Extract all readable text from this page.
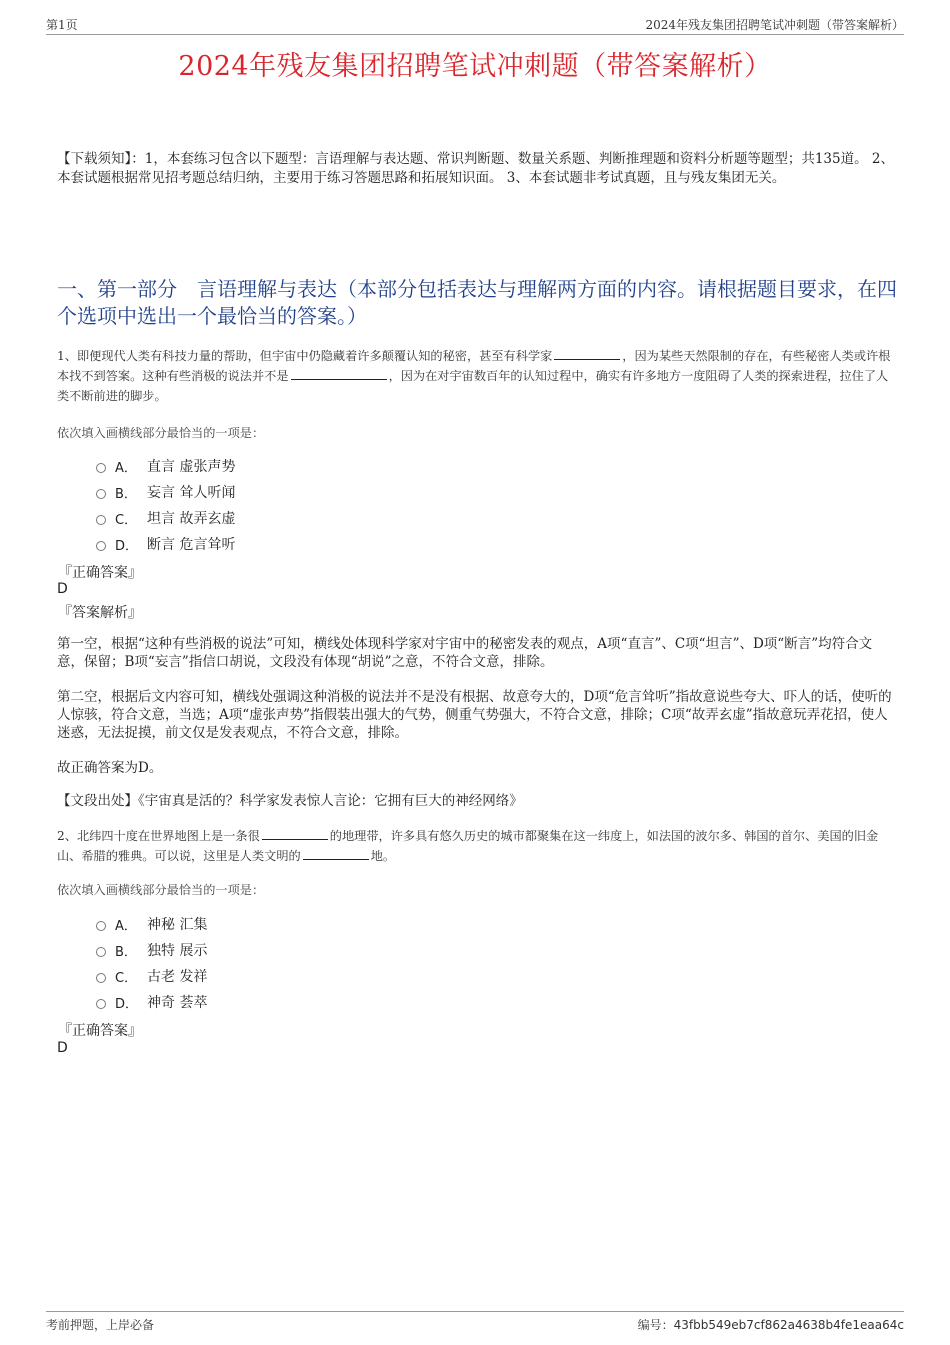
第1页	2024年残友集团招聘笔试冲刺题（带答案解析）
2024年残友集团招聘笔试冲刺题（带答案解析）
【下载须知】：1，本套练习包含以下题型：言语理解与表达题、常识判断题、数量关系题、判断推理题和资料分析题等题型；共135道。 2、本套试题根据常见招考题总结归纳，主要用于练习答题思路和拓展知识面。 3、本套试题非考试真题，且与残友集团无关。
一、第一部分　言语理解与表达（本部分包括表达与理解两方面的内容。请根据题目要求，在四个选项中选出一个最恰当的答案。）
1、即便现代人类有科技力量的帮助，但宇宙中仍隐藏着许多颠覆认知的秘密，甚至有科学家	，因为某些天然限制的存在，有些秘密人类或许根本找不到答案。这种有些消极的说法并不是	，因为在对宇宙数百年的认知过程中，确实有许多地方一度阻碍了人类的探索进程，拉住了人类不断前进的脚步。
依次填入画横线部分最恰当的一项是：
A． 直言 虚张声势
B． 妄言 耸人听闻
C． 坦言 故弄玄虚
D． 断言 危言耸听
『正确答案』
D
『答案解析』
第一空，根据“这种有些消极的说法”可知，横线处体现科学家对宇宙中的秘密发表的观点，A项“直言”、C项“坦言”、D项“断言”均符合文意，保留；B项“妄言”指信口胡说，文段没有体现“胡说”之意，不符合文意，排除。
第二空，根据后文内容可知，横线处强调这种消极的说法并不是没有根据、故意夸大的，D项“危言耸听”指故意说些夸大、吓人的话，使听的人惊骇，符合文意，当选；A项“虚张声势”指假装出强大的气势，侧重气势强大，不符合文意，排除；C项“故弄玄虚”指故意玩弄花招，使人迷惑，无法捉摸，前文仅是发表观点，不符合文意，排除。
故正确答案为D。
【文段出处】《宇宙真是活的？科学家发表惊人言论：它拥有巨大的神经网络》
2、北纬四十度在世界地图上是一条很	的地理带，许多具有悠久历史的城市都聚集在这一纬度上，如法国的波尔多、韩国的首尔、美国的旧金山、希腊的雅典。可以说，这里是人类文明的	地。
依次填入画横线部分最恰当的一项是：
A． 神秘 汇集
B． 独特 展示
C． 古老 发祥
D． 神奇 荟萃
『正确答案』
D
考前押题，上岸必备	编号：43fbb549eb7cf862a4638b4fe1eaa64c
